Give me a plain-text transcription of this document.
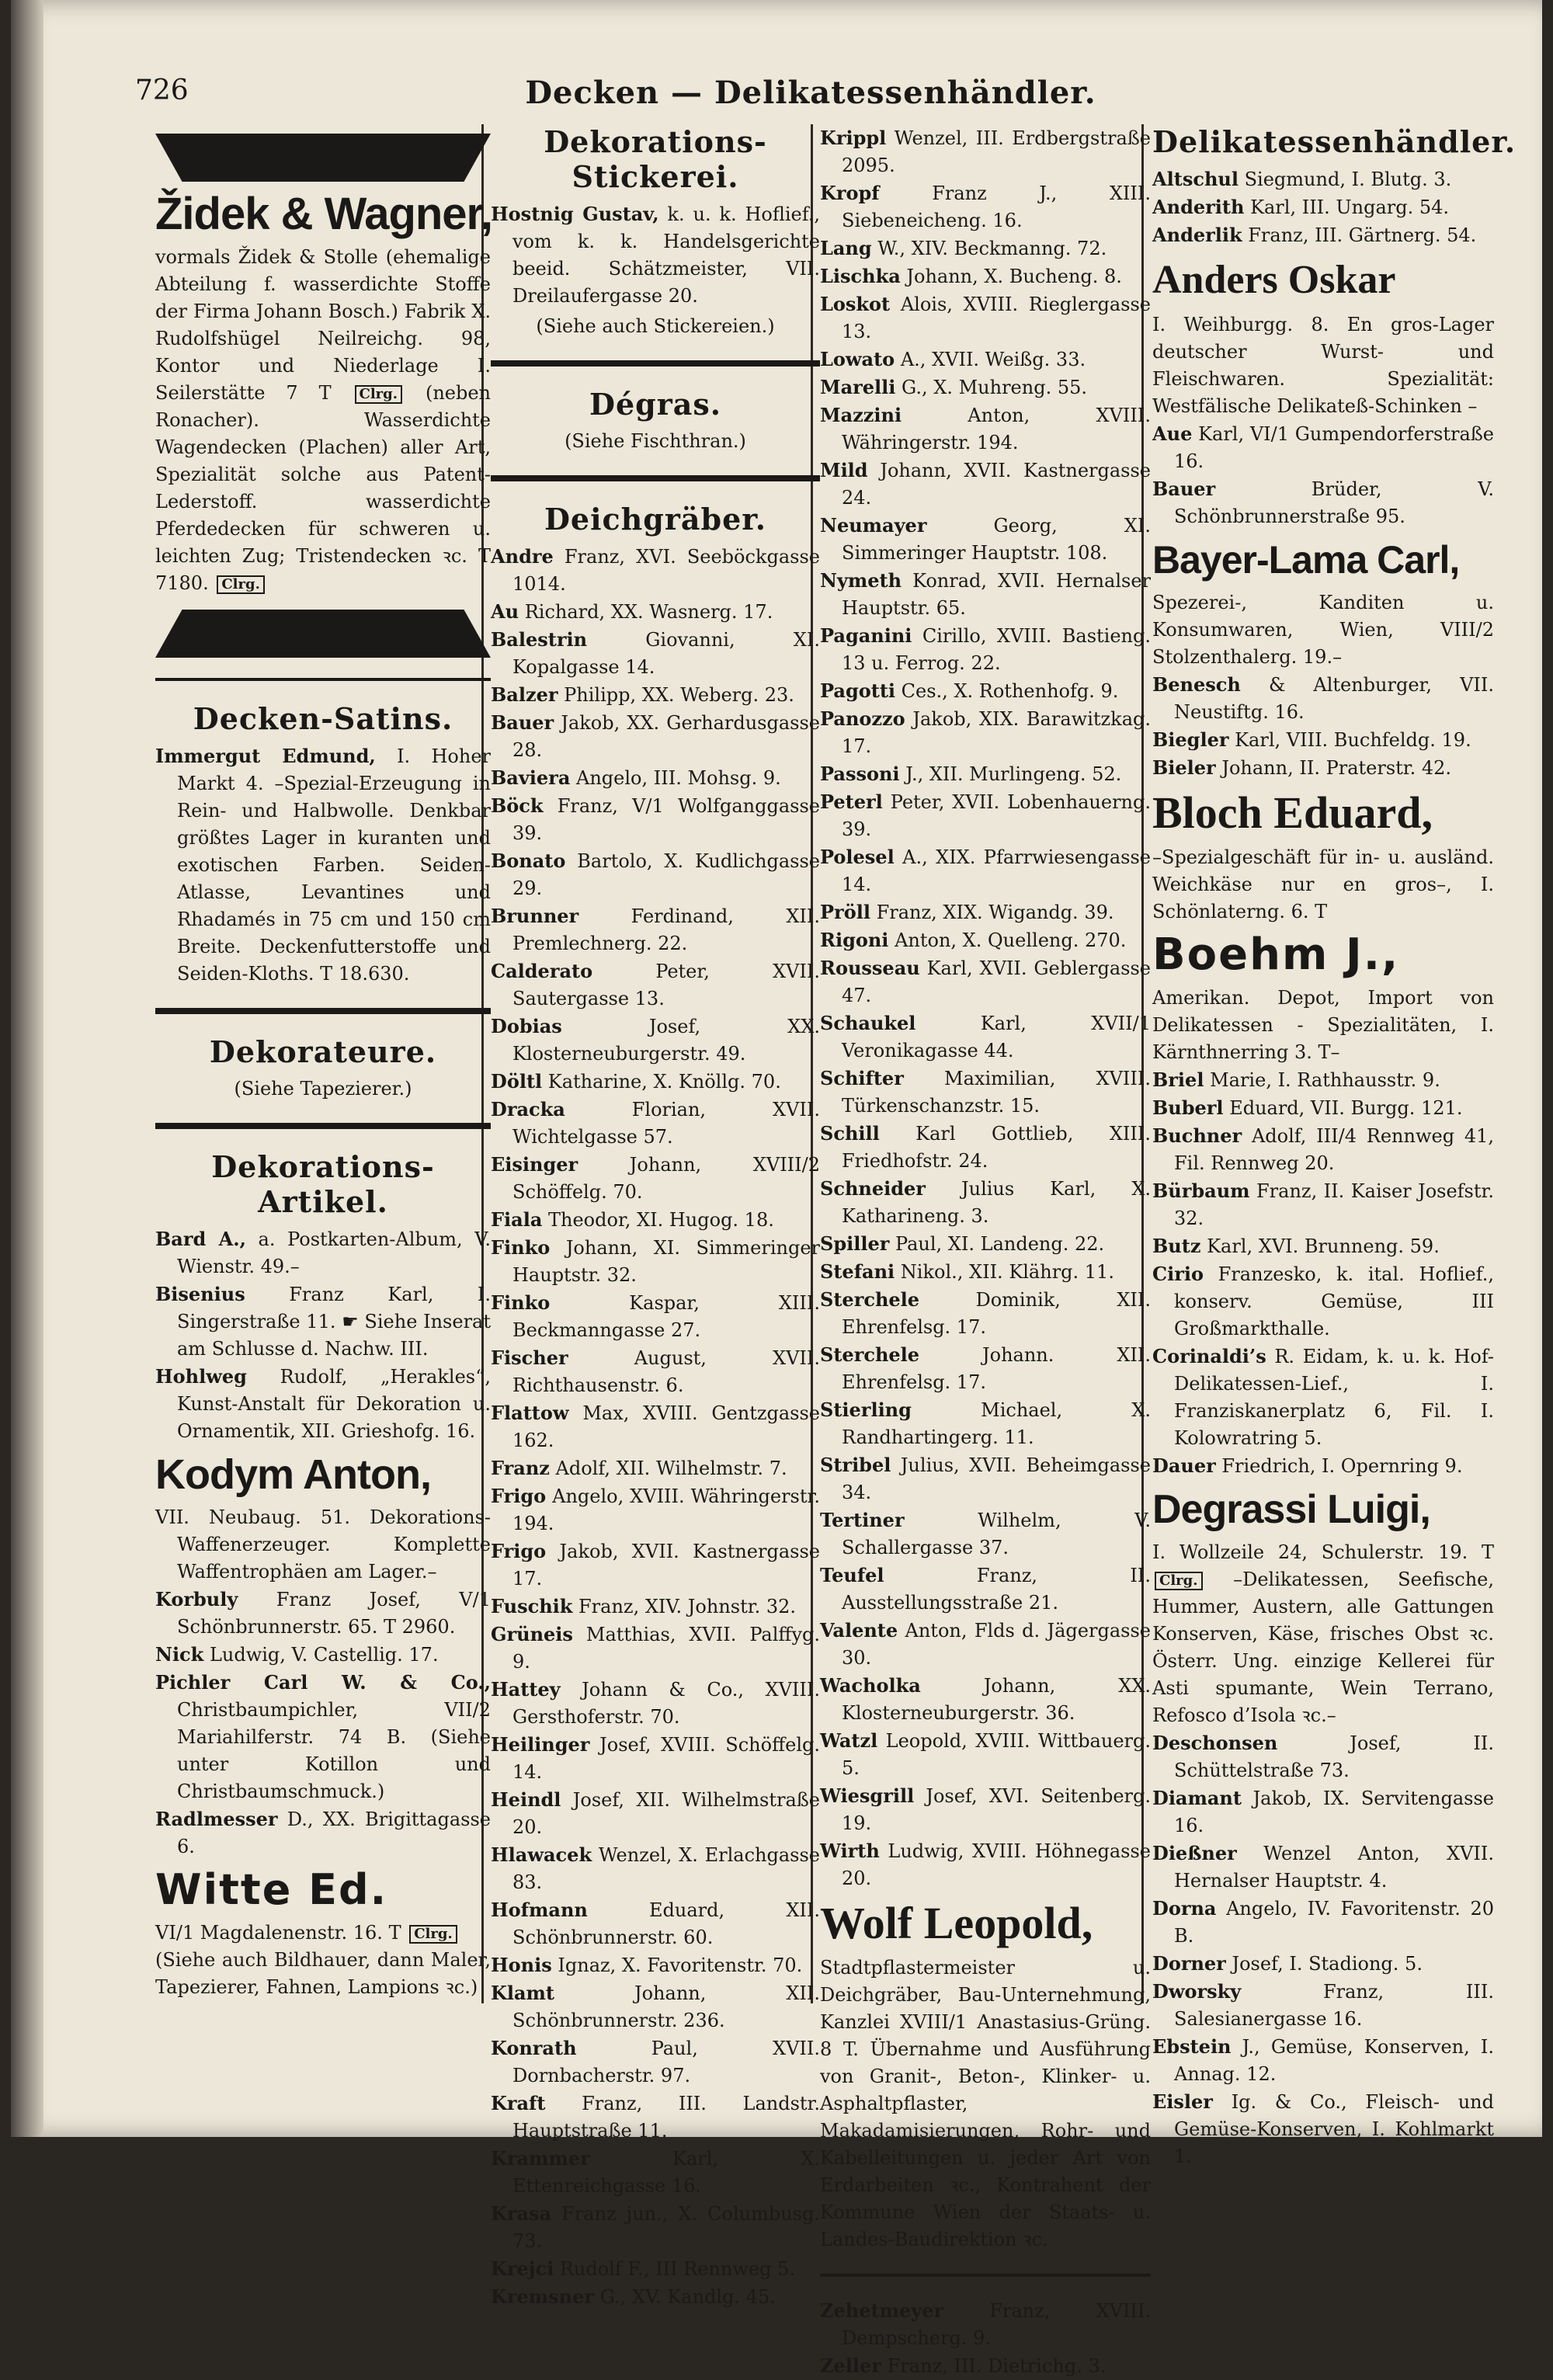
726	Decken — Delikatessenhändler.
Židek & Wagner,

vormals Židek & Stolle (ehemalige Abteilung f. wasserdichte Stoffe der Firma Johann Bosch.) Fabrik X. Rudolfshügel Neilreichg. 98, Kontor und Niederlage I. Seilerstätte 7 T Clrg. (neben Ronacher). Wasserdichte Wagendecken (Plachen) aller Art, Spezialität solche aus Patent-Lederstoff. wasserdichte Pferdedecken für schweren u. leichten Zug; Tristendecken ꝛc. T 7180. Clrg.

Decken-Satins.

Immergut Edmund, I. Hoher Markt 4. –Spezial-Erzeugung in Rein- und Halbwolle. Denkbar größtes Lager in kuranten und exotischen Farben. Seiden-Atlasse, Levantines und Rhadamés in 75 cm und 150 cm Breite. Deckenfutterstoffe und Seiden-Kloths. T 18.630.

Dekorateure.
(Siehe Tapezierer.)
Dekorations-Artikel.

Bard A., a. Postkarten-Album, V. Wienstr. 49.–

Bisenius Franz Karl, I. Singerstraße 11. ☛ Siehe Inserat am Schlusse d. Nachw. III.

Hohlweg Rudolf, „Herakles“, Kunst-Anstalt für Dekoration u. Ornamentik, XII. Grieshofg. 16.

Kodym Anton,

VII. Neubaug. 51. Dekorations-Waffenerzeuger. Komplette Waffentrophäen am Lager.–

Korbuly Franz Josef, V/1 Schönbrunnerstr. 65. T 2960.

Nick Ludwig, V. Castellig. 17.

Pichler Carl W. & Co., Christbaumpichler, VII/2 Mariahilferstr. 74 B. (Siehe unter Kotillon und Christbaumschmuck.)

Radlmesser D., XX. Brigittagasse 6.

Witte Ed.

VI/1 Magdalenenstr. 16. T Clrg.

(Siehe auch Bildhauer, dann Maler, Tapezierer, Fahnen, Lampions ꝛc.)

Dekorations-Stickerei.

Hostnig Gustav, k. u. k. Hoflief., vom k. k. Handelsgerichte beeid. Schätzmeister, VII. Dreilaufergasse 20.

(Siehe auch Stickereien.)
Dégras.
(Siehe Fischthran.)
Deichgräber.

Andre Franz, XVI. Seeböckgasse 1014.

Au Richard, XX. Wasnerg. 17.

Balestrin	Giovanni, XI. Kopalgasse 14.

Balzer Philipp, XX. Weberg. 23.

Bauer Jakob, XX. Gerhardusgasse 28.

Baviera Angelo, III. Mohsg. 9.

Böck Franz, V/1 Wolfganggasse 39.

Bonato Bartolo, X. Kudlichgasse 29.

Brunner	Ferdinand, XII. Premlechnerg. 22.

Calderato	Peter, XVII. Sautergasse 13.

Dobias	Josef, XX. Klosterneuburgerstr. 49.

Döltl Katharine, X. Knöllg. 70.

Dracka	Florian, XVII. Wichtelgasse 57.

Eisinger	Johann, XVIII/2 Schöffelg. 70.

Fiala Theodor, XI. Hugog. 18.

Finko Johann, XI. Simmeringer Hauptstr. 32.

Finko	Kaspar, XIII. Beckmanngasse 27.

Fischer	August, XVII. Richthausenstr. 6.

Flattow Max, XVIII. Gentzgasse 162.

Franz Adolf, XII. Wilhelmstr. 7.

Frigo Angelo, XVIII. Währingerstr. 194.

Frigo Jakob, XVII. Kastnergasse 17.

Fuschik Franz, XIV. Johnstr. 32.

Grüneis Matthias, XVII. Palffyg. 9.

Hattey Johann & Co., XVIII. Gersthoferstr. 70.

Heilinger Josef, XVIII. Schöffelg. 14.

Heindl Josef, XII. Wilhelmstraße 20.

Hlawacek Wenzel, X. Erlachgasse 83.

Hofmann	Eduard, XII. Schönbrunnerstr. 60.

Honis Ignaz, X. Favoritenstr. 70.

Klamt	Johann, XII. Schönbrunnerstr. 236.

Konrath	Paul, XVII. Dornbacherstr. 97.

Kraft Franz, III. Landstr. Hauptstraße 11.

Krammer	Karl, X. Ettenreichgasse 16.

Krasa Franz jun., X. Columbusg. 73.

Krejci Rudolf F., III Rennweg 5.

Kremsner G., XV. Kandlg. 45.

Krippl Wenzel, III. Erdbergstraße 2095.

Kropf	Franz J., XIII. Siebeneicheng. 16.

Lang W., XIV. Beckmanng. 72.

Lischka Johann, X. Bucheng. 8.

Loskot Alois, XVIII. Rieglergasse 13.

Lowato A., XVII. Weißg. 33.

Marelli G., X. Muhreng. 55.

Mazzini	Anton, XVIII. Währingerstr. 194.

Mild Johann, XVII. Kastnergasse 24.

Neumayer	Georg, XI. Simmeringer Hauptstr. 108.

Nymeth Konrad, XVII. Hernalser Hauptstr. 65.

Paganini Cirillo, XVIII. Bastieng. 13 u. Ferrog. 22.

Pagotti Ces., X. Rothenhofg. 9.

Panozzo Jakob, XIX. Barawitzkag. 17.

Passoni J., XII. Murlingeng. 52.

Peterl Peter, XVII. Lobenhauerng. 39.

Polesel A., XIX. Pfarrwiesengasse 14.

Pröll Franz, XIX. Wigandg. 39.

Rigoni Anton, X. Quelleng. 270.

Rousseau Karl, XVII. Geblergasse 47.

Schaukel	Karl, XVII/1 Veronikagasse 44.

Schifter Maximilian, XVIII. Türkenschanzstr. 15.

Schill Karl Gottlieb, XIII. Friedhofstr. 24.

Schneider Julius Karl, X. Katharineng. 3.

Spiller Paul, XI. Landeng. 22.

Stefani Nikol., XII. Klährg. 11.

Sterchele	Dominik, XII. Ehrenfelsg. 17.

Sterchele	Johann. XII. Ehrenfelsg. 17.

Stierling	Michael, X. Randhartingerg. 11.

Stribel Julius, XVII. Beheimgasse 34.

Tertiner	Wilhelm, V. Schallergasse 37.

Teufel	Franz, II. Ausstellungsstraße 21.

Valente Anton, Flds d. Jägergasse 30.

Wacholka	Johann, XX. Klosterneuburgerstr. 36.

Watzl Leopold, XVIII. Wittbauerg. 5.

Wiesgrill Josef, XVI. Seitenberg. 19.

Wirth Ludwig, XVIII. Höhnegasse 20.

Wolf Leopold,

Stadtpflastermeister u. Deichgräber, Bau-Unternehmung, Kanzlei XVIII/1 Anastasius-Grüng. 8 T. Übernahme und Ausführung von Granit-, Beton-, Klinker- u. Asphaltpflaster, Makadamisierungen, Rohr- und Kabelleitungen u. jeder Art von Erdarbeiten ꝛc., Kontrahent der Kommune Wien der Staats- u. Landes-Baudirektion ꝛc.

Zehetmeyer Franz, XVIII. Dempscherg. 9.

Zeller Franz, III. Dietrichg. 3.

Delikatessenhändler.

Altschul Siegmund, I. Blutg. 3.

Anderith Karl, III. Ungarg. 54.

Anderlik Franz, III. Gärtnerg. 54.

Anders Oskar

I. Weihburgg. 8. En gros-Lager deutscher Wurst- und Fleischwaren. Spezialität: Westfälische Delikateß-Schinken –

Aue Karl, VI/1 Gumpendorferstraße 16.

Bauer	Brüder, V. Schönbrunnerstraße 95.

Bayer-Lama Carl,

Spezerei-, Kanditen u. Konsumwaren, Wien, VIII/2 Stolzenthalerg. 19.–

Benesch & Altenburger, VII. Neustiftg. 16.

Biegler Karl, VIII. Buchfeldg. 19.

Bieler Johann, II. Praterstr. 42.

Bloch Eduard,

–Spezialgeschäft für in- u. ausländ. Weichkäse nur en gros–, I. Schönlaterng. 6. T

Boehm J.,

Amerikan. Depot, Import von Delikatessen - Spezialitäten, I. Kärnthnerring 3. T–

Briel Marie, I. Rathhausstr. 9.

Buberl Eduard, VII. Burgg. 121.

Buchner Adolf, III/4 Rennweg 41, Fil. Rennweg 20.

Bürbaum Franz, II. Kaiser Josefstr. 32.

Butz Karl, XVI. Brunneng. 59.

Cirio Franzesko, k. ital. Hoflief., konserv. Gemüse, III Großmarkthalle.

Corinaldi’s R. Eidam, k. u. k. Hof-Delikatessen-Lief., I. Franziskanerplatz 6, Fil. I. Kolowratring 5.

Dauer Friedrich, I. Opernring 9.

Degrassi Luigi,

I. Wollzeile 24, Schulerstr. 19. T Clrg. –Delikatessen, Seefische, Hummer, Austern, alle Gattungen Konserven, Käse, frisches Obst ꝛc. Österr. Ung. einzige Kellerei für Asti spumante, Wein Terrano, Refosco d’Isola ꝛc.–

Deschonsen	Josef, II. Schüttelstraße 73.

Diamant Jakob, IX. Servitengasse 16.

Dießner Wenzel Anton, XVII. Hernalser Hauptstr. 4.

Dorna Angelo, IV. Favoritenstr. 20 B.

Dorner Josef, I. Stadiong. 5.

Dworsky	Franz, III. Salesianergasse 16.

Ebstein J., Gemüse, Konserven, I. Annag. 12.

Eisler Ig. & Co., Fleisch- und Gemüse-Konserven, I. Kohlmarkt 1.
